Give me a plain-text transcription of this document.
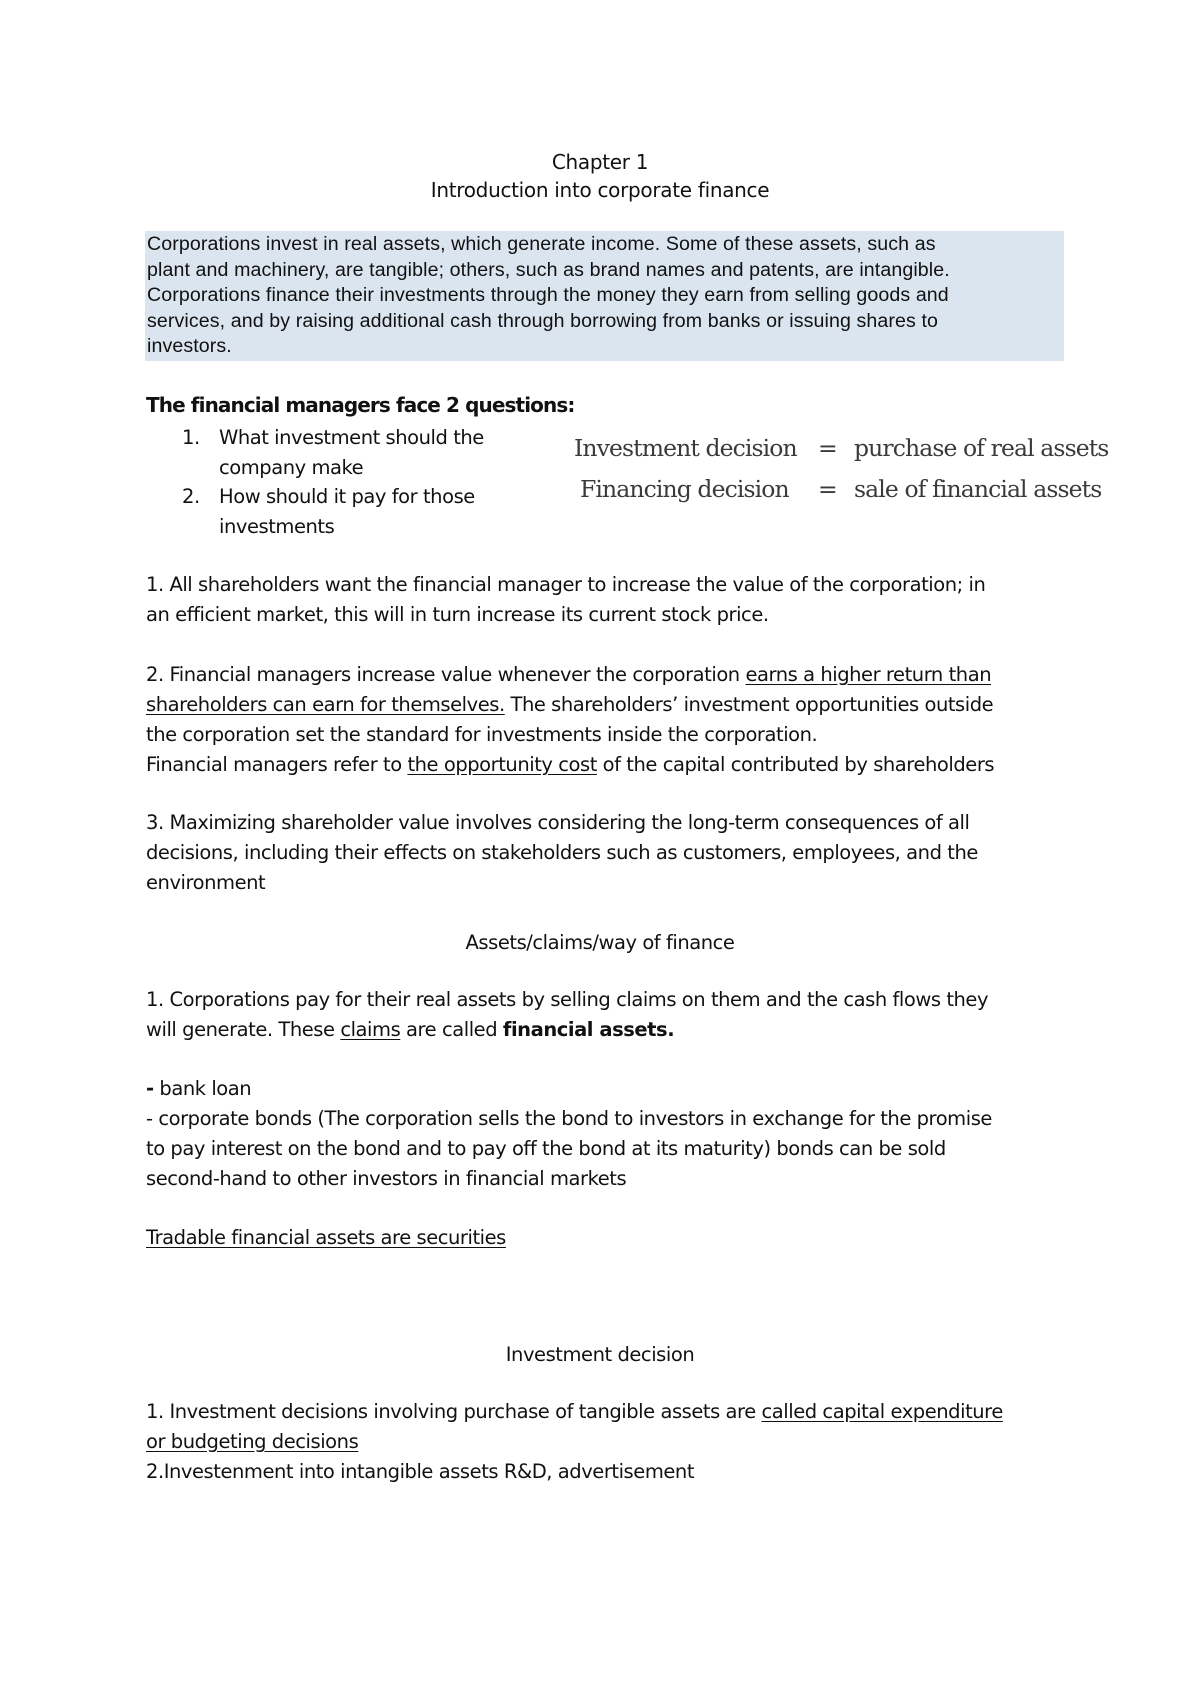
Chapter 1
Introduction into corporate finance
Corporations invest in real assets, which generate income. Some of these assets, such as
plant and machinery, are tangible; others, such as brand names and patents, are intangible.
Corporations finance their investments through the money they earn from selling goods and
services, and by raising additional cash through borrowing from banks or issuing shares to
investors.
The financial managers face 2 questions:
1. What investment should the
company make
2. How should it pay for those
investments
Investment decision = purchase of real assets
Financing decision = sale of financial assets
1. All shareholders want the financial manager to increase the value of the corporation; in
an efficient market, this will in turn increase its current stock price.
2. Financial managers increase value whenever the corporation earns a higher return than
shareholders can earn for themselves. The shareholders’ investment opportunities outside
the corporation set the standard for investments inside the corporation.
Financial managers refer to the opportunity cost of the capital contributed by shareholders
3. Maximizing shareholder value involves considering the long-term consequences of all
decisions, including their effects on stakeholders such as customers, employees, and the
environment
Assets/claims/way of finance
1. Corporations pay for their real assets by selling claims on them and the cash flows they
will generate. These claims are called financial assets.
- bank loan
- corporate bonds (The corporation sells the bond to investors in exchange for the promise
to pay interest on the bond and to pay off the bond at its maturity) bonds can be sold
second-hand to other investors in financial markets
Tradable financial assets are securities
Investment decision
1. Investment decisions involving purchase of tangible assets are called capital expenditure
or budgeting decisions
2.Investenment into intangible assets R&D, advertisement
